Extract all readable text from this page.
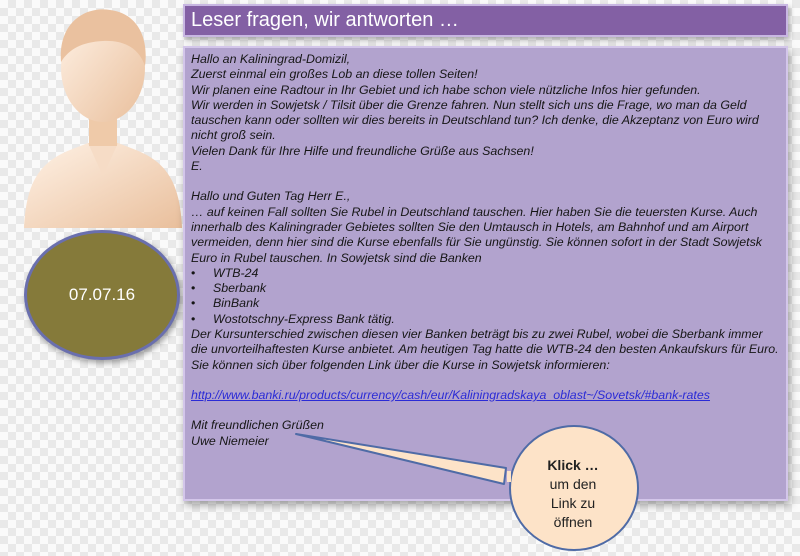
07.07.16
Leser fragen, wir antworten …

Hallo an Kaliningrad-Domizil,

Zuerst einmal ein großes Lob an diese tollen Seiten!

Wir planen eine Radtour in Ihr Gebiet und ich habe schon viele nützliche Infos hier gefunden.

Wir werden in Sowjetsk / Tilsit über die Grenze fahren. Nun stellt sich uns die Frage, wo man da Geld tauschen kann oder sollten wir dies bereits in Deutschland tun? Ich denke, die Akzeptanz von Euro wird nicht groß sein.

Vielen Dank für Ihre Hilfe und freundliche Grüße aus Sachsen!

E.

Hallo und Guten Tag Herr E.,

… auf keinen Fall sollten Sie Rubel in Deutschland tauschen. Hier haben Sie die teuersten Kurse. Auch innerhalb des Kaliningrader Gebietes sollten Sie den Umtausch in Hotels, am Bahnhof und am Airport vermeiden, denn hier sind die Kurse ebenfalls für Sie ungünstig. Sie können sofort in der Stadt Sowjetsk Euro in Rubel tauschen. In Sowjetsk sind die Banken

•	WTB-24
•	Sberbank
•	BinBank
•	Wostotschny-Express Bank tätig.

Der Kursunterschied zwischen diesen vier Banken beträgt bis zu zwei Rubel, wobei die Sberbank immer die unvorteilhaftesten Kurse anbietet. Am heutigen Tag hatte die WTB-24 den besten Ankaufskurs für Euro. Sie können sich über folgenden Link über die Kurse in Sowjetsk informieren:

http://www.banki.ru/products/currency/cash/eur/Kaliningradskaya_oblast~/Sovetsk/#bank-rates

Mit freundlichen Grüßen

Uwe Niemeier

Klick …
um den
Link zu
öffnen
